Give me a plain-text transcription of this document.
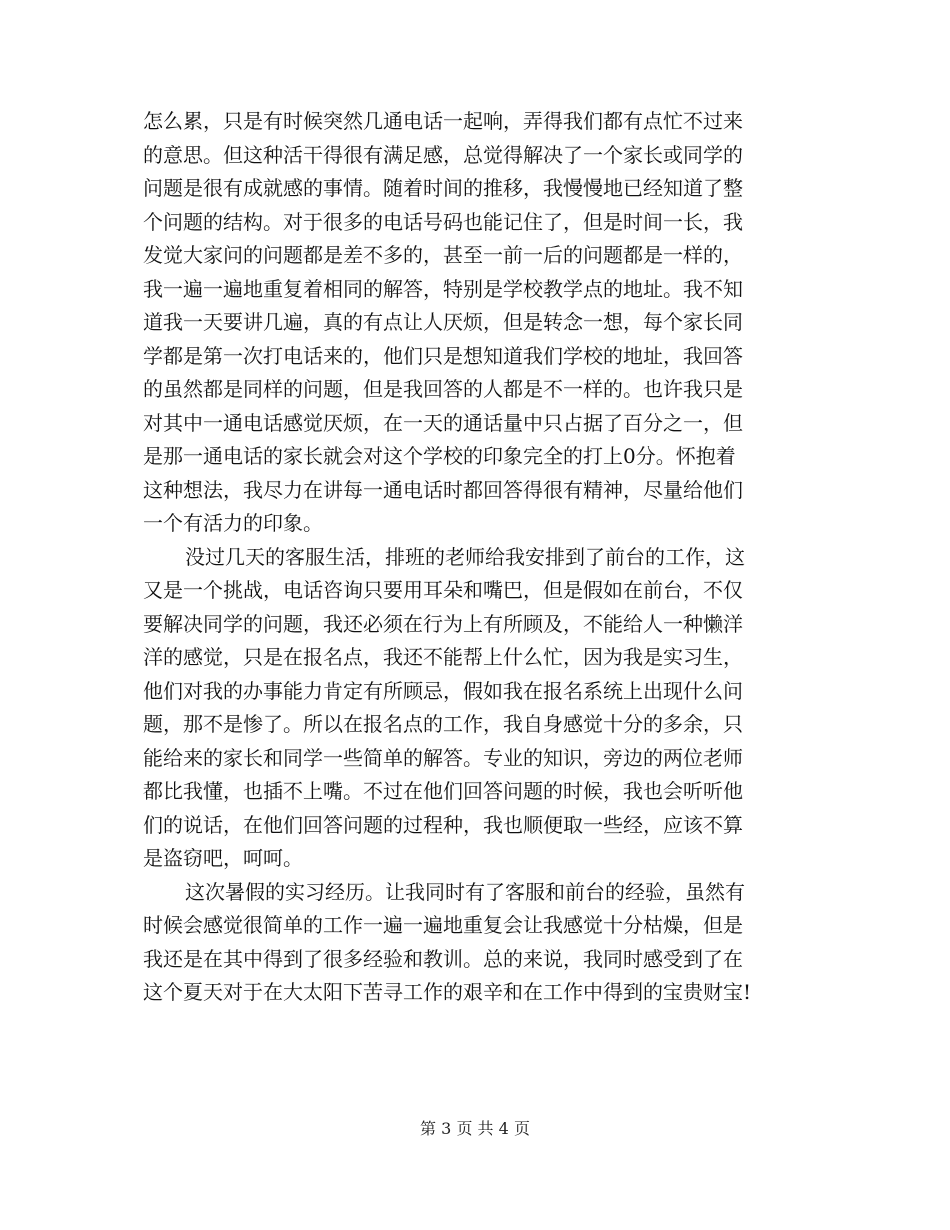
怎么累，只是有时候突然几通电话一起响，弄得我们都有点忙不过来
的意思。但这种活干得很有满足感，总觉得解决了一个家长或同学的
问题是很有成就感的事情。随着时间的推移，我慢慢地已经知道了整
个问题的结构。对于很多的电话号码也能记住了，但是时间一长，我
发觉大家问的问题都是差不多的，甚至一前一后的问题都是一样的，
我一遍一遍地重复着相同的解答，特别是学校教学点的地址。我不知
道我一天要讲几遍，真的有点让人厌烦，但是转念一想，每个家长同
学都是第一次打电话来的，他们只是想知道我们学校的地址，我回答
的虽然都是同样的问题，但是我回答的人都是不一样的。也许我只是
对其中一通电话感觉厌烦，在一天的通话量中只占据了百分之一，但
是那一通电话的家长就会对这个学校的印象完全的打上0分。怀抱着
这种想法，我尽力在讲每一通电话时都回答得很有精神，尽量给他们
一个有活力的印象。
没过几天的客服生活，排班的老师给我安排到了前台的工作，这
又是一个挑战，电话咨询只要用耳朵和嘴巴，但是假如在前台，不仅
要解决同学的问题，我还必须在行为上有所顾及，不能给人一种懒洋
洋的感觉，只是在报名点，我还不能帮上什么忙，因为我是实习生，
他们对我的办事能力肯定有所顾忌，假如我在报名系统上出现什么问
题，那不是惨了。所以在报名点的工作，我自身感觉十分的多余，只
能给来的家长和同学一些简单的解答。专业的知识，旁边的两位老师
都比我懂，也插不上嘴。不过在他们回答问题的时候，我也会听听他
们的说话，在他们回答问题的过程种，我也顺便取一些经，应该不算
是盗窃吧，呵呵。
这次暑假的实习经历。让我同时有了客服和前台的经验，虽然有
时候会感觉很简单的工作一遍一遍地重复会让我感觉十分枯燥，但是
我还是在其中得到了很多经验和教训。总的来说，我同时感受到了在
这个夏天对于在大太阳下苦寻工作的艰辛和在工作中得到的宝贵财宝!
第 3 页 共 4 页
